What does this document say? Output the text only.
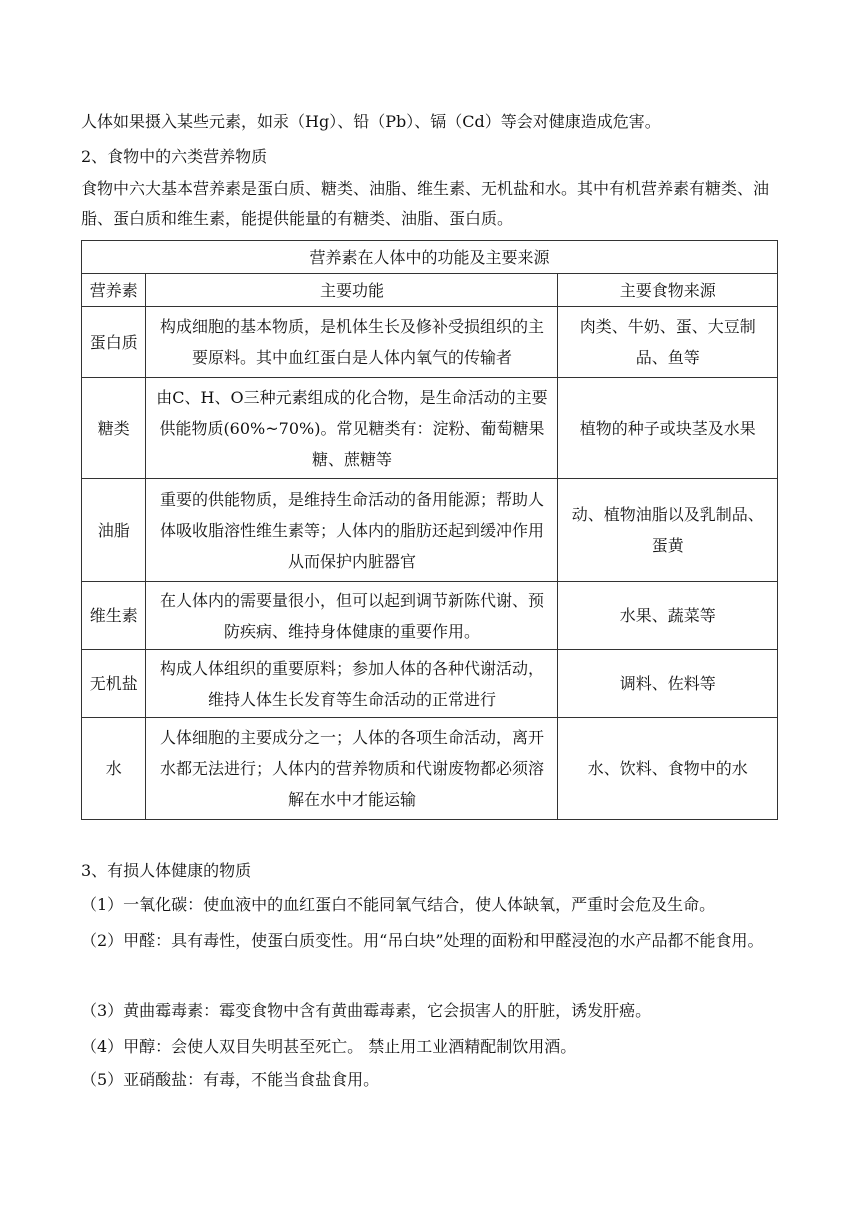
人体如果摄入某些元素，如汞（Hg）、铅（Pb）、镉（Cd）等会对健康造成危害。
2、食物中的六类营养物质
食物中六大基本营养素是蛋白质、糖类、油脂、维生素、无机盐和水。其中有机营养素有糖类、油脂、蛋白质和维生素，能提供能量的有糖类、油脂、蛋白质。
营养素在人体中的功能及主要来源		
营养素	主要功能	主要食物来源
蛋白质	构成细胞的基本物质，是机体生长及修补受损组织的主要原料。其中血红蛋白是人体内氧气的传输者	肉类、牛奶、蛋、大豆制品、鱼等
糖类	由C、H、O三种元素组成的化合物，是生命活动的主要供能物质(60%~70%)。常见糖类有：淀粉、葡萄糖果糖、蔗糖等	植物的种子或块茎及水果
油脂	重要的供能物质，是维持生命活动的备用能源；帮助人体吸收脂溶性维生素等；人体内的脂肪还起到缓冲作用从而保护内脏器官	动、植物油脂以及乳制品、蛋黄
维生素	在人体内的需要量很小，但可以起到调节新陈代谢、预防疾病、维持身体健康的重要作用。	水果、蔬菜等
无机盐	构成人体组织的重要原料；参加人体的各种代谢活动，维持人体生长发育等生命活动的正常进行	调料、佐料等
水	人体细胞的主要成分之一；人体的各项生命活动，离开水都无法进行；人体内的营养物质和代谢废物都必须溶解在水中才能运输	水、饮料、食物中的水
3、有损人体健康的物质
（1）一氧化碳：使血液中的血红蛋白不能同氧气结合，使人体缺氧，严重时会危及生命。
（2）甲醛：具有毒性，使蛋白质变性。用“吊白块”处理的面粉和甲醛浸泡的水产品都不能食用。
（3）黄曲霉毒素：霉变食物中含有黄曲霉毒素，它会损害人的肝脏，诱发肝癌。
（4）甲醇：会使人双目失明甚至死亡。 禁止用工业酒精配制饮用酒。
（5）亚硝酸盐：有毒，不能当食盐食用。
